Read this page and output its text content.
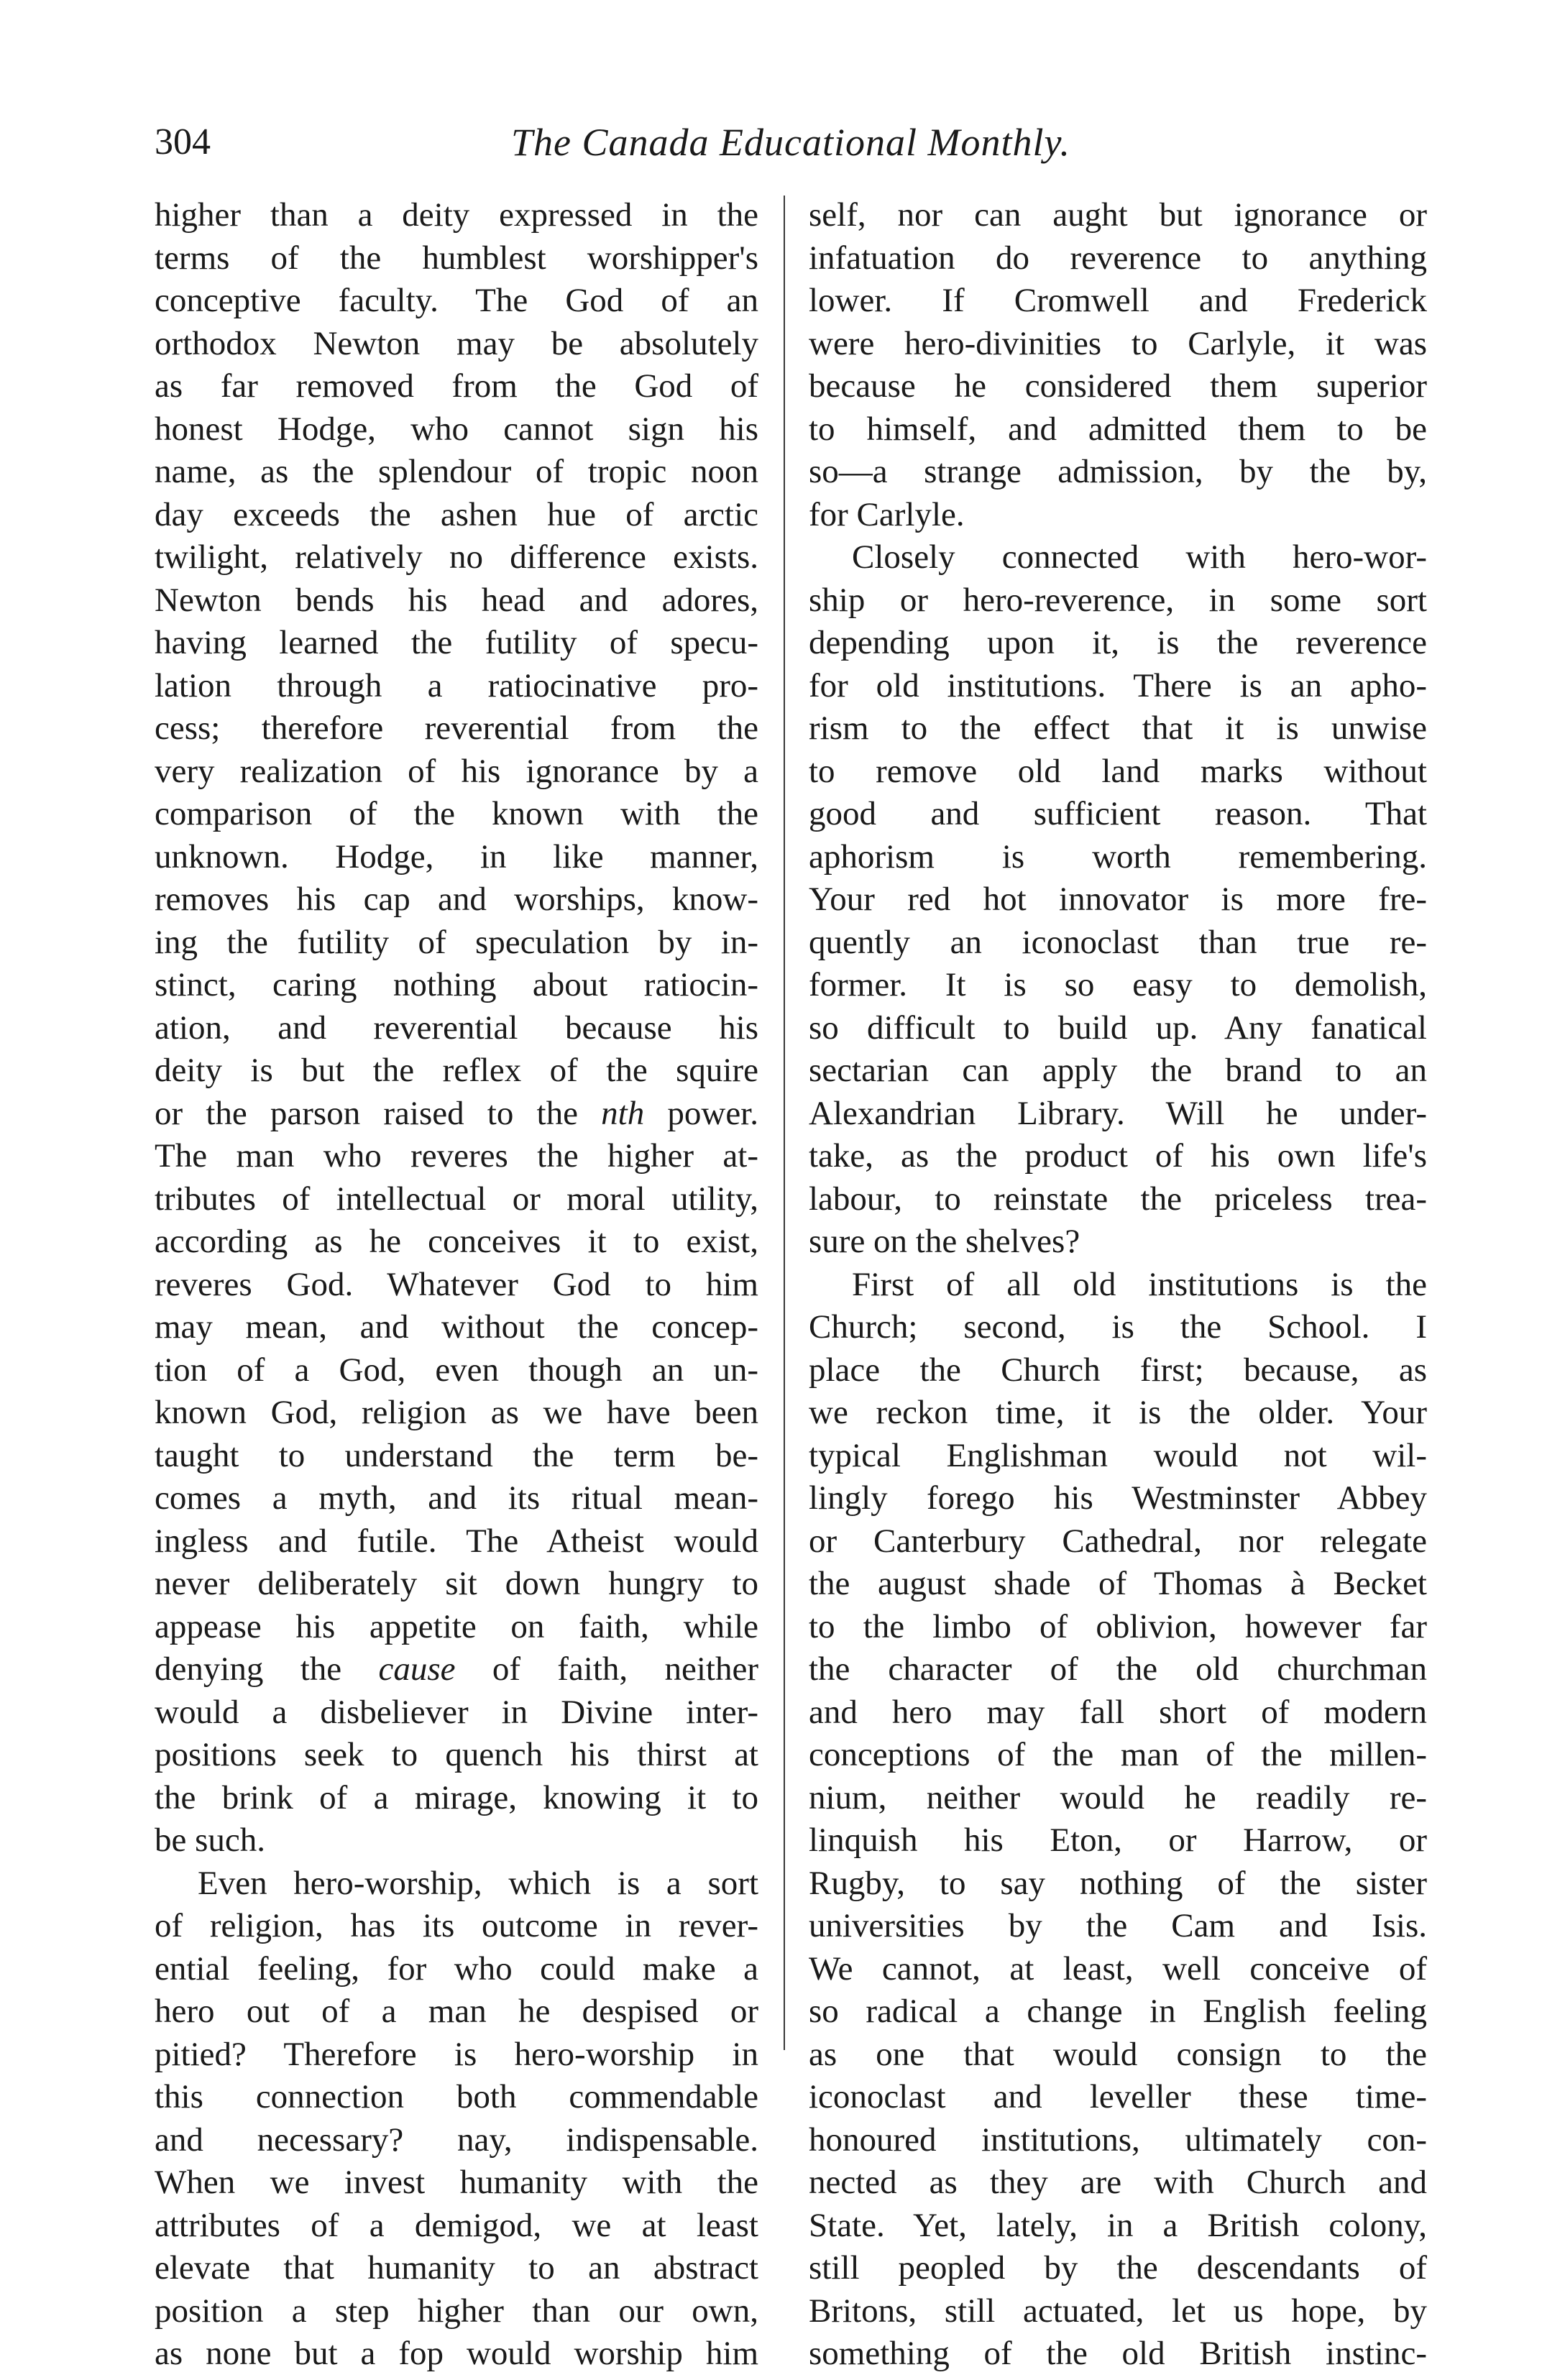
304	The Canada Educational Monthly.
higher than a deity expressed in the
terms of the humblest worshipper's
conceptive faculty. The God of an
orthodox Newton may be absolutely
as far removed from the God of
honest Hodge, who cannot sign his
name, as the splendour of tropic noon
day exceeds the ashen hue of arctic
twilight, relatively no difference exists.
Newton bends his head and adores,
having learned the futility of specu-
lation through a ratiocinative pro-
cess; therefore reverential from the
very realization of his ignorance by a
comparison of the known with the
unknown. Hodge, in like manner,
removes his cap and worships, know-
ing the futility of speculation by in-
stinct, caring nothing about ratiocin-
ation, and reverential because his
deity is but the reflex of the squire
or the parson raised to the nth power.
The man who reveres the higher at-
tributes of intellectual or moral utility,
according as he conceives it to exist,
reveres God. Whatever God to him
may mean, and without the concep-
tion of a God, even though an un-
known God, religion as we have been
taught to understand the term be-
comes a myth, and its ritual mean-
ingless and futile. The Atheist would
never deliberately sit down hungry to
appease his appetite on faith, while
denying the cause of faith, neither
would a disbeliever in Divine inter-
positions seek to quench his thirst at
the brink of a mirage, knowing it to
be such.
Even hero-worship, which is a sort
of religion, has its outcome in rever-
ential feeling, for who could make a
hero out of a man he despised or
pitied? Therefore is hero-worship in
this connection both commendable
and necessary? nay, indispensable.
When we invest humanity with the
attributes of a demigod, we at least
elevate that humanity to an abstract
position a step higher than our own,
as none but a fop would worship him
self, nor can aught but ignorance or
infatuation do reverence to anything
lower. If Cromwell and Frederick
were hero-divinities to Carlyle, it was
because he considered them superior
to himself, and admitted them to be
so—a strange admission, by the by,
for Carlyle.
Closely connected with hero-wor-
ship or hero-reverence, in some sort
depending upon it, is the reverence
for old institutions. There is an apho-
rism to the effect that it is unwise
to remove old land marks without
good and sufficient reason. That
aphorism is worth remembering.
Your red hot innovator is more fre-
quently an iconoclast than true re-
former. It is so easy to demolish,
so difficult to build up. Any fanatical
sectarian can apply the brand to an
Alexandrian Library. Will he under-
take, as the product of his own life's
labour, to reinstate the priceless trea-
sure on the shelves?
First of all old institutions is the
Church; second, is the School. I
place the Church first; because, as
we reckon time, it is the older. Your
typical Englishman would not wil-
lingly forego his Westminster Abbey
or Canterbury Cathedral, nor relegate
the august shade of Thomas à Becket
to the limbo of oblivion, however far
the character of the old churchman
and hero may fall short of modern
conceptions of the man of the millen-
nium, neither would he readily re-
linquish his Eton, or Harrow, or
Rugby, to say nothing of the sister
universities by the Cam and Isis.
We cannot, at least, well conceive of
so radical a change in English feeling
as one that would consign to the
iconoclast and leveller these time-
honoured institutions, ultimately con-
nected as they are with Church and
State. Yet, lately, in a British colony,
still peopled by the descendants of
Britons, still actuated, let us hope, by
something of the old British instinc-
